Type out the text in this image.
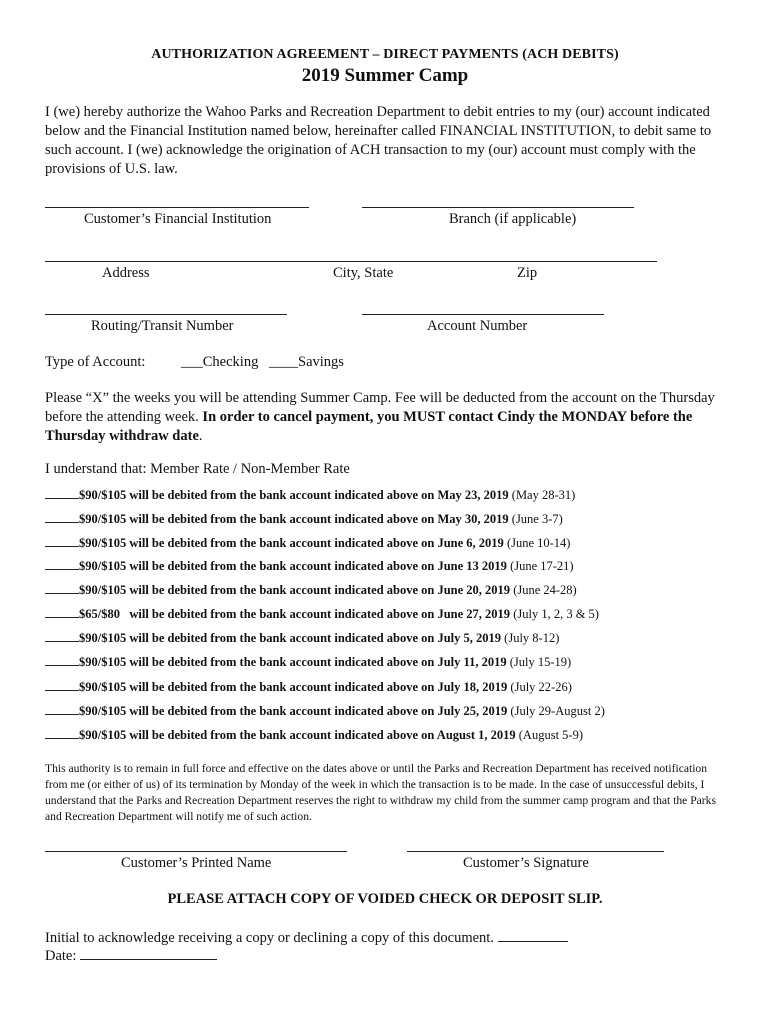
AUTHORIZATION AGREEMENT – DIRECT PAYMENTS (ACH DEBITS)
2019 Summer Camp
I (we) hereby authorize the Wahoo Parks and Recreation Department to debit entries to my (our) account indicated below and the Financial Institution named below, hereinafter called FINANCIAL INSTITUTION, to debit same to such account. I (we) acknowledge the origination of ACH transaction to my (our) account must comply with the provisions of U.S. law.
Customer’s Financial Institution	Branch (if applicable)
Address	City, State	Zip
Routing/Transit Number	Account Number
Type of Account: ___Checking ____Savings
Please “X” the weeks you will be attending Summer Camp. Fee will be deducted from the account on the Thursday before the attending week. In order to cancel payment, you MUST contact Cindy the MONDAY before the Thursday withdraw date.
I understand that: Member Rate / Non-Member Rate
$90/$105 will be debited from the bank account indicated above on May 23, 2019 (May 28-31)
$90/$105 will be debited from the bank account indicated above on May 30, 2019 (June 3-7)
$90/$105 will be debited from the bank account indicated above on June 6, 2019 (June 10-14)
$90/$105 will be debited from the bank account indicated above on June 13 2019 (June 17-21)
$90/$105 will be debited from the bank account indicated above on June 20, 2019 (June 24-28)
$65/$80   will be debited from the bank account indicated above on June 27, 2019 (July 1, 2, 3 & 5)
$90/$105 will be debited from the bank account indicated above on July 5, 2019 (July 8-12)
$90/$105 will be debited from the bank account indicated above on July 11, 2019 (July 15-19)
$90/$105 will be debited from the bank account indicated above on July 18, 2019 (July 22-26)
$90/$105 will be debited from the bank account indicated above on July 25, 2019 (July 29-August 2)
$90/$105 will be debited from the bank account indicated above on August 1, 2019 (August 5-9)
This authority is to remain in full force and effective on the dates above or until the Parks and Recreation Department has received notification from me (or either of us) of its termination by Monday of the week in which the transaction is to be made. In the case of unsuccessful debits, I understand that the Parks and Recreation Department reserves the right to withdraw my child from the summer camp program and that the Parks and Recreation Department will notify me of such action.
Customer’s Printed Name	Customer’s Signature
PLEASE ATTACH COPY OF VOIDED CHECK OR DEPOSIT SLIP.
Initial to acknowledge receiving a copy or declining a copy of this document.
Date:
